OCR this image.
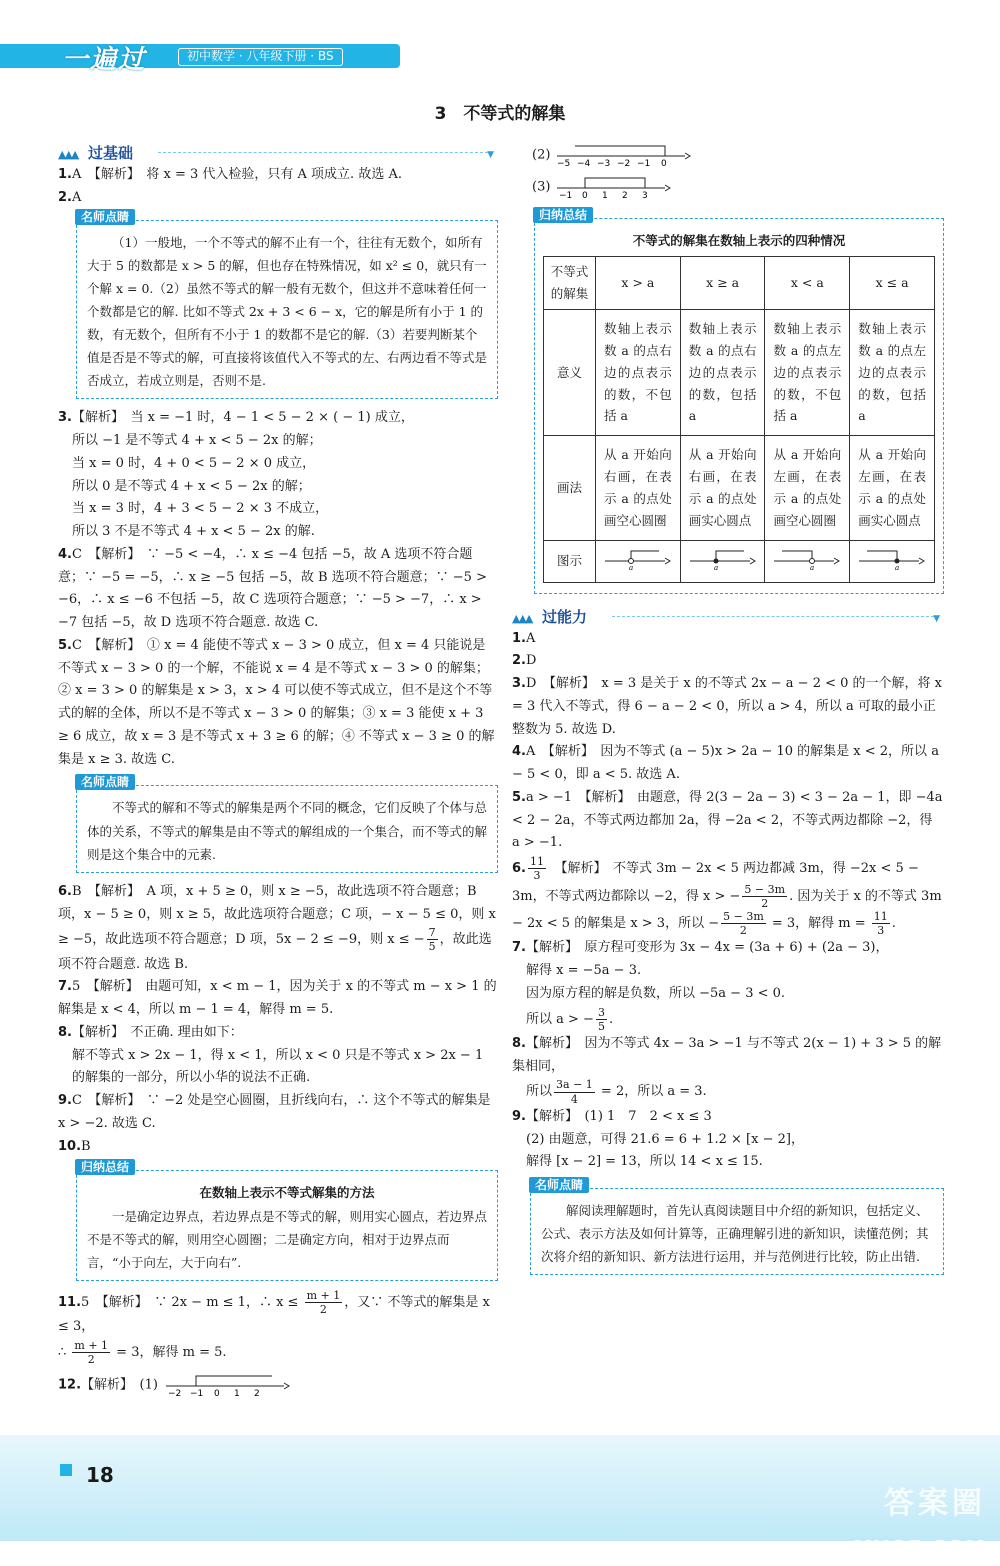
一遍过	初中数学 · 八年级下册 · BS
3　不等式的解集
▲▲▲ 过基础	▼

1.A　【解析】　将 x = 3 代入检验，只有 A 项成立. 故选 A.

2.A

名师点睛
（1）一般地，一个不等式的解不止有一个，往往有无数个，如所有大于 5 的数都是 x > 5 的解，但也存在特殊情况，如 x² ≤ 0，就只有一个解 x = 0.（2）虽然不等式的解一般有无数个，但这并不意味着任何一个数都是它的解. 比如不等式 2x + 3 < 6 − x，它的解是所有小于 1 的数，有无数个，但所有不小于 1 的数都不是它的解.（3）若要判断某个值是否是不等式的解，可直接将该值代入不等式的左、右两边看不等式是否成立，若成立则是，否则不是.

3.【解析】　当 x = −1 时，4 − 1 < 5 − 2 × ( − 1) 成立，

所以 −1 是不等式 4 + x < 5 − 2x 的解；

当 x = 0 时，4 + 0 < 5 − 2 × 0 成立，

所以 0 是不等式 4 + x < 5 − 2x 的解；

当 x = 3 时，4 + 3 < 5 − 2 × 3 不成立，

所以 3 不是不等式 4 + x < 5 − 2x 的解.

4.C　【解析】　∵ −5 < −4，∴ x ≤ −4 包括 −5，故 A 选项不符合题意；∵ −5 = −5，∴ x ≥ −5 包括 −5，故 B 选项不符合题意；∵ −5 > −6，∴ x ≤ −6 不包括 −5，故 C 选项符合题意；∵ −5 > −7，∴ x > −7 包括 −5，故 D 选项不符合题意. 故选 C.

5.C　【解析】　① x = 4 能使不等式 x − 3 > 0 成立，但 x = 4 只能说是不等式 x − 3 > 0 的一个解，不能说 x = 4 是不等式 x − 3 > 0 的解集；② x = 3 > 0 的解集是 x > 3，x > 4 可以使不等式成立，但不是这个不等式的解的全体，所以不是不等式 x − 3 > 0 的解集；③ x = 3 能使 x + 3 ≥ 6 成立，故 x = 3 是不等式 x + 3 ≥ 6 的解；④ 不等式 x − 3 ≥ 0 的解集是 x ≥ 3. 故选 C.

名师点睛
不等式的解和不等式的解集是两个不同的概念，它们反映了个体与总体的关系，不等式的解集是由不等式的解组成的一个集合，而不等式的解则是这个集合中的元素.

6.B　【解析】　A 项，x + 5 ≥ 0，则 x ≥ −5，故此选项不符合题意；B 项，x − 5 ≥ 0，则 x ≥ 5，故此选项符合题意；C 项，− x − 5 ≤ 0，则 x ≥ −5，故此选项不符合题意；D 项，5x − 2 ≤ −9，则 x ≤ − $\frac{7}{5}$ ，故此选项不符合题意. 故选 B.

7.5　【解析】　由题可知，x < m − 1，因为关于 x 的不等式 m − x > 1 的解集是 x < 4，所以 m − 1 = 4，解得 m = 5.

8.【解析】　不正确. 理由如下：

解不等式 x > 2x − 1，得 x < 1，所以 x < 0 只是不等式 x > 2x − 1 的解集的一部分，所以小华的说法不正确.

9.C　【解析】　∵ −2 处是空心圆圈，且折线向右，∴ 这个不等式的解集是 x > −2. 故选 C.

10.B

归纳总结
在数轴上表示不等式解集的方法
一是确定边界点，若边界点是不等式的解，则用实心圆点，若边界点不是不等式的解，则用空心圆圈；二是确定方向，相对于边界点而言，“小于向左，大于向右”.

11.5　【解析】　∵ 2x − m ≤ 1，∴ $x \le \frac{m + 1}{2}$ ，又∵ 不等式的解集是 x ≤ 3，

∴ $\frac{m + 1}{2} = 3$，解得 m = 5.

12.【解析】　(1)
−2 −1 0 1 2

(2)
−5 −4 −3 −2 −1 0

(3)
−1 0 1 2 3

归纳总结
不等式的解集在数轴上表示的四种情况
不等式的解集	x > a	x ≥ a	x < a	x ≤ a
意义	数轴上表示数 a 的点右边的点表示的数，不包括 a	数轴上表示数 a 的点右边的点表示的数，包括 a	数轴上表示数 a 的点左边的点表示的数，不包括 a	数轴上表示数 a 的点左边的点表示的数，包括 a
画法	从 a 开始向右画，在表示 a 的点处画空心圆圈	从 a 开始向右画，在表示 a 的点处画实心圆点	从 a 开始向左画，在表示 a 的点处画空心圆圈	从 a 开始向左画，在表示 a 的点处画实心圆点
图示	a	a	a	a
▲▲▲ 过能力	▼

1.A

2.D

3.D　【解析】　x = 3 是关于 x 的不等式 2x − a − 2 < 0 的一个解，将 x = 3 代入不等式，得 6 − a − 2 < 0，所以 a > 4，所以 a 可取的最小正整数为 5. 故选 D.

4.A　【解析】　因为不等式 (a − 5)x > 2a − 10 的解集是 x < 2，所以 a − 5 < 0，即 a < 5. 故选 A.

5.a > −1　【解析】　由题意，得 2(3 − 2a − 3) < 3 − 2a − 1，即 −4a < 2 − 2a，不等式两边都加 2a，得 −2a < 2，不等式两边都除 −2，得 a > −1.

6. $\frac{11}{3}$ 　【解析】　不等式 3m − 2x < 5 两边都减 3m，得 −2x < 5 − 3m，不等式两边都除以 −2，得 x > − $\frac{5 - 3m}{2}$ . 因为关于 x 的不等式 3m − 2x < 5 的解集是 x > 3，所以 − $\frac{5 - 3m}{2} = 3$，解得 $m = \frac{11}{3}$ .

7.【解析】　原方程可变形为 3x − 4x = (3a + 6) + (2a − 3)，

解得 x = −5a − 3.

因为原方程的解是负数，所以 −5a − 3 < 0.

所以 a > − $\frac{3}{5}$ .

8.【解析】　因为不等式 4x − 3a > −1 与不等式 2(x − 1) + 3 > 5 的解集相同，

所以 $\frac{3a - 1}{4} = 2$，所以 a = 3.

9.【解析】　(1) 1　7　2 < x ≤ 3

(2) 由题意，可得 21.6 = 6 + 1.2 × [x − 2]，

解得 [x − 2] = 13，所以 14 < x ≤ 15.

名师点睛
解阅读理解题时，首先认真阅读题目中介绍的新知识，包括定义、公式、表示方法及如何计算等，正确理解引进的新知识，读懂范例；其次将介绍的新知识、新方法进行运用，并与范例进行比较，防止出错.
18
答案圈
MXQE.COM
